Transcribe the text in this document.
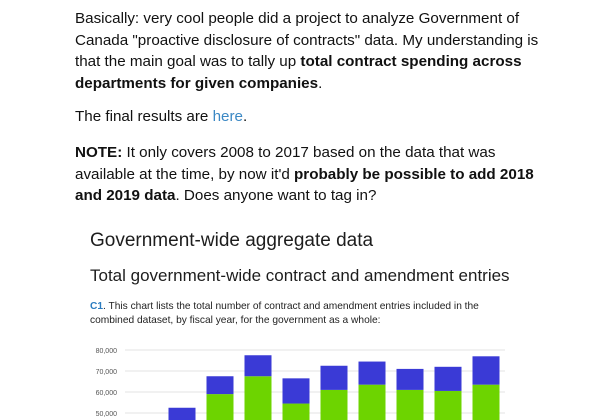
Basically: very cool people did a project to analyze Government of Canada "proactive disclosure of contracts" data. My understanding is that the main goal was to tally up total contract spending across departments for given companies.

The final results are here.

NOTE: It only covers 2008 to 2017 based on the data that was available at the time, by now it'd probably be possible to add 2018 and 2019 data. Does anyone want to tag in?

Government-wide aggregate data
Total government-wide contract and amendment entries

C1. This chart lists the total number of contract and amendment entries included in the combined dataset, by fiscal year, for the government as a whole:

80,000
70,000
60,000
50,000
